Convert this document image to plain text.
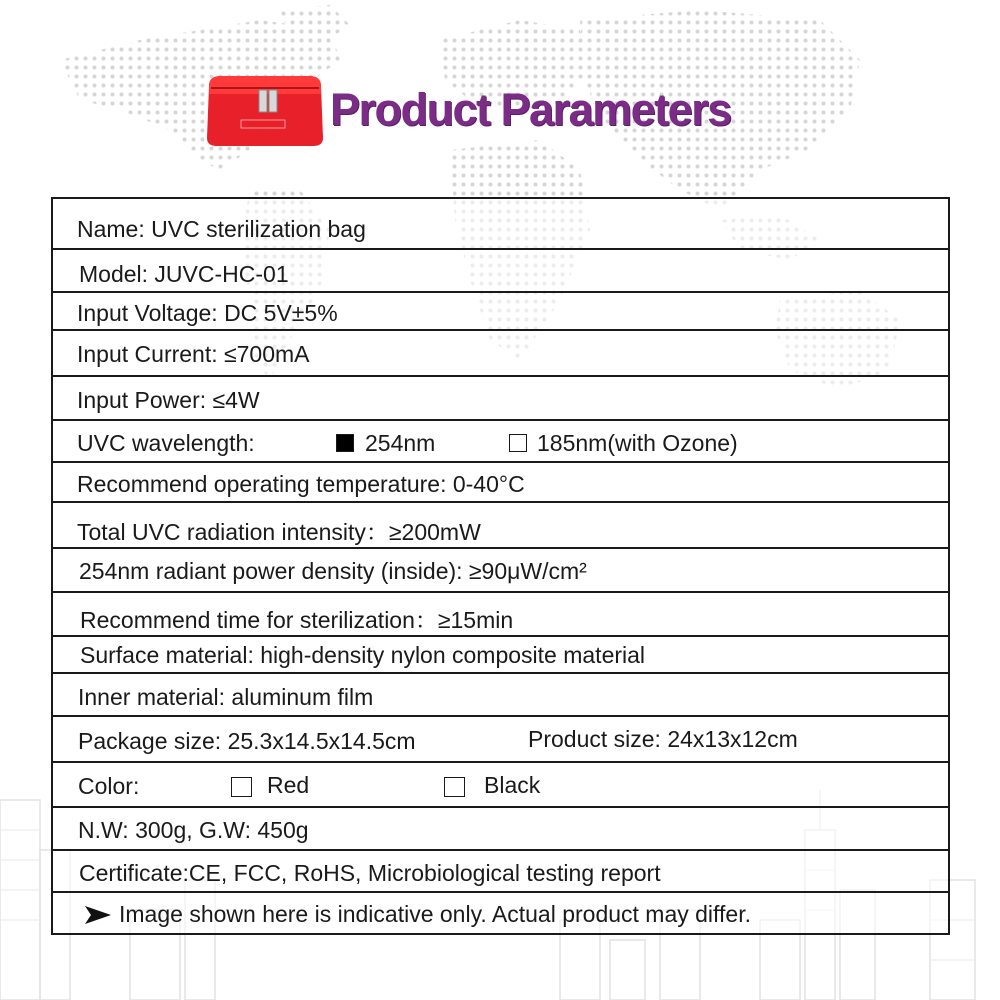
Product Parameters
Name: UVC sterilization bag
Model: JUVC-HC-01
Input Voltage: DC 5V±5%
Input Current: ≤700mA
Input Power: ≤4W
UVC wavelength:	254nm	185nm(with Ozone)
Recommend operating temperature: 0-40°C
Total UVC radiation intensity：≥200mW
254nm radiant power density (inside): ≥90μW/cm²
Recommend time for sterilization：≥15min
Surface material: high-density nylon composite material
Inner material: aluminum film
Package size: 25.3x14.5x14.5cm	Product size: 24x13x12cm
Color:	Red	Black
N.W: 300g, G.W: 450g
Certificate:CE, FCC, RoHS, Microbiological testing report
Image shown here is indicative only. Actual product may differ.
